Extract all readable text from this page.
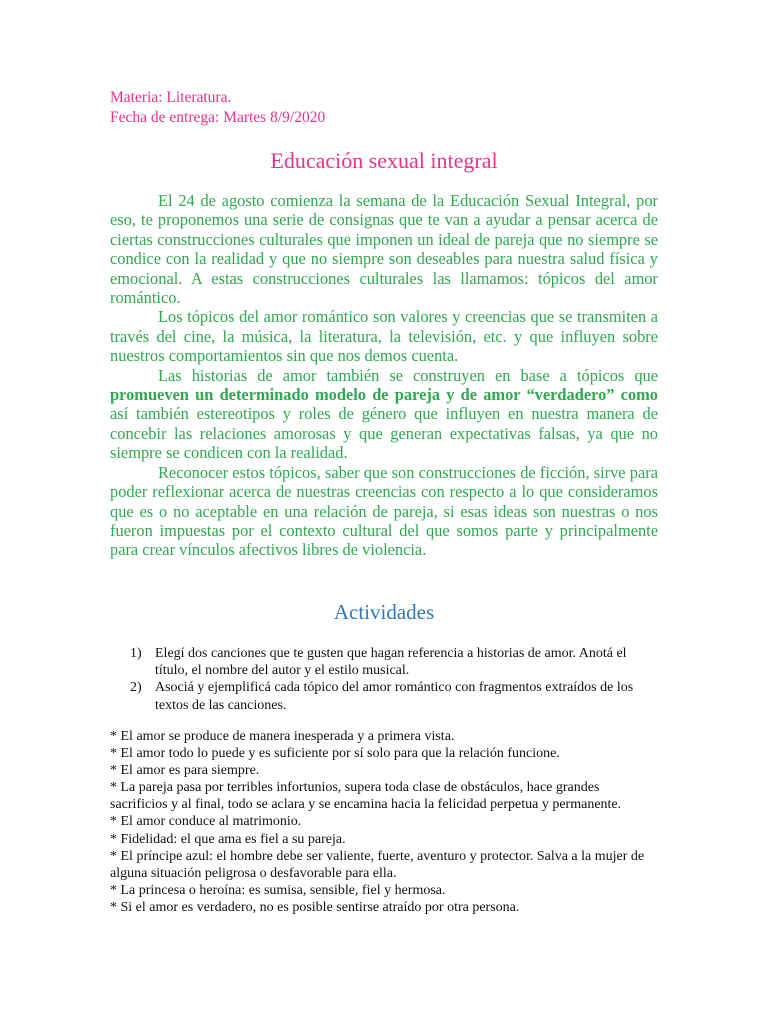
Materia: Literatura.
Fecha de entrega: Martes 8/9/2020
Educación sexual integral

El 24 de agosto comienza la semana de la Educación Sexual Integral, por eso, te proponemos una serie de consignas que te van a ayudar a pensar acerca de ciertas construcciones culturales que imponen un ideal de pareja que no siempre se condice con la realidad y que no siempre son deseables para nuestra salud física y emocional. A estas construcciones culturales las llamamos: tópicos del amor romántico.

Los tópicos del amor romántico son valores y creencias que se transmiten a través del cine, la música, la literatura, la televisión, etc. y que influyen sobre nuestros comportamientos sin que nos demos cuenta.

Las historias de amor también se construyen en base a tópicos que promueven un determinado modelo de pareja y de amor “verdadero” como así también estereotipos y roles de género que influyen en nuestra manera de concebir las relaciones amorosas y que generan expectativas falsas, ya que no siempre se condicen con la realidad.

Reconocer estos tópicos, saber que son construcciones de ficción, sirve para poder reflexionar acerca de nuestras creencias con respecto a lo que consideramos que es o no aceptable en una relación de pareja, si esas ideas son nuestras o nos fueron impuestas por el contexto cultural del que somos parte y principalmente para crear vínculos afectivos libres de violencia.

Actividades
1) Elegí dos canciones que te gusten que hagan referencia a historias de amor. Anotá el título, el nombre del autor y el estilo musical.
2) Asociá y ejemplificá cada tópico del amor romántico con fragmentos extraídos de los textos de las canciones.
* El amor se produce de manera inesperada y a primera vista.
* El amor todo lo puede y es suficiente por sí solo para que la relación funcione.
* El amor es para siempre.
* La pareja pasa por terribles infortunios, supera toda clase de obstáculos, hace grandes sacrificios y al final, todo se aclara y se encamina hacia la felicidad perpetua y permanente.
* El amor conduce al matrimonio.
* Fidelidad: el que ama es fiel a su pareja.
* El príncipe azul: el hombre debe ser valiente, fuerte, aventuro y protector. Salva a la mujer de alguna situación peligrosa o desfavorable para ella.
* La princesa o heroína: es sumisa, sensible, fiel y hermosa.
* Si el amor es verdadero, no es posible sentirse atraído por otra persona.
